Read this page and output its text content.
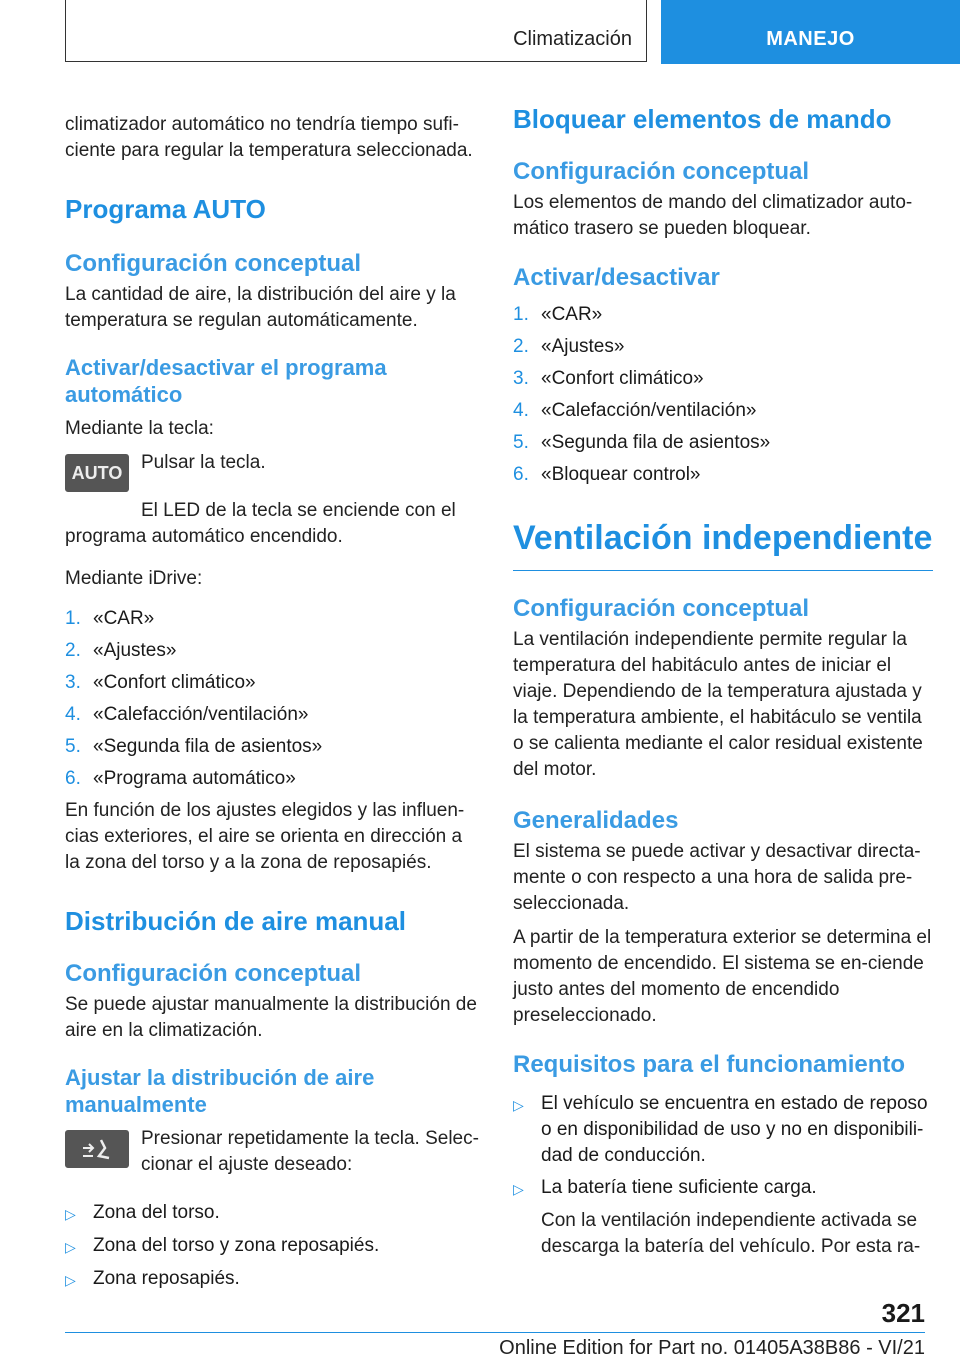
Climatización	MANEJO

climatizador automático no tendría tiempo sufi-ciente para regular la temperatura seleccionada.

Programa AUTO
Configuración conceptual

La cantidad de aire, la distribución del aire y la temperatura se regulan automáticamente.

Activar/desactivar el programa automático

Mediante la tecla:

AUTO Pulsar la tecla.

El LED de la tecla se enciende con el programa automático encendido.

Mediante iDrive:

1. «CAR»
2. «Ajustes»
3. «Confort climático»
4. «Calefacción/ventilación»
5. «Segunda fila de asientos»
6. «Programa automático»

En función de los ajustes elegidos y las influen-cias exteriores, el aire se orienta en dirección a la zona del torso y a la zona de reposapiés.

Distribución de aire manual
Configuración conceptual

Se puede ajustar manualmente la distribución de aire en la climatización.

Ajustar la distribución de aire manualmente

Presionar repetidamente la tecla. Selec-cionar el ajuste deseado:

▷ Zona del torso.
▷ Zona del torso y zona reposapiés.
▷ Zona reposapiés.
Bloquear elementos de mando
Configuración conceptual

Los elementos de mando del climatizador auto-mático trasero se pueden bloquear.

Activar/desactivar
1. «CAR»
2. «Ajustes»
3. «Confort climático»
4. «Calefacción/ventilación»
5. «Segunda fila de asientos»
6. «Bloquear control»
Ventilación independiente
Configuración conceptual

La ventilación independiente permite regular la temperatura del habitáculo antes de iniciar el viaje. Dependiendo de la temperatura ajustada y la temperatura ambiente, el habitáculo se ventila o se calienta mediante el calor residual existente del motor.

Generalidades

El sistema se puede activar y desactivar directa-mente o con respecto a una hora de salida pre-seleccionada.

A partir de la temperatura exterior se determina el momento de encendido. El sistema se en-ciende justo antes del momento de encendido preseleccionado.

Requisitos para el funcionamiento
▷ El vehículo se encuentra en estado de reposo o en disponibilidad de uso y no en disponibili-dad de conducción.
▷ La batería tiene suficiente carga.

Con la ventilación independiente activada se descarga la batería del vehículo. Por esta ra-

321
Online Edition for Part no. 01405A38B86 - VI/21
